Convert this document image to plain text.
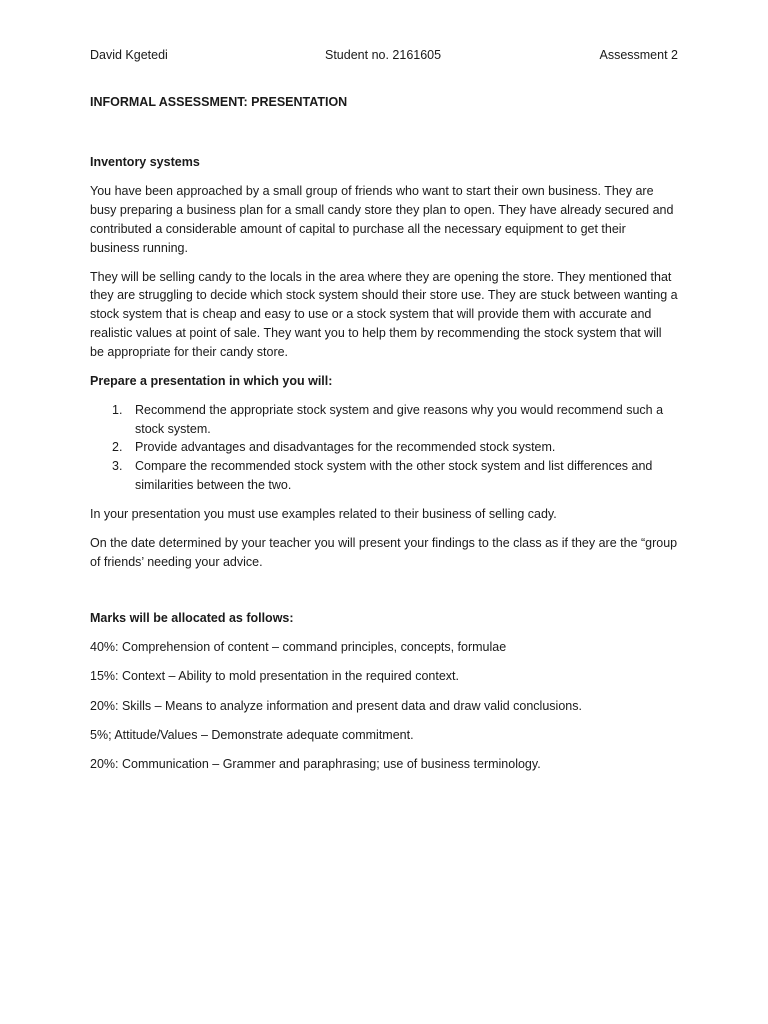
David Kgetedi	Student no. 2161605	Assessment 2
INFORMAL ASSESSMENT: PRESENTATION
Inventory systems

You have been approached by a small group of friends who want to start their own business. They are busy preparing a business plan for a small candy store they plan to open. They have already secured and contributed a considerable amount of capital to purchase all the necessary equipment to get their business running.

They will be selling candy to the locals in the area where they are opening the store. They mentioned that they are struggling to decide which stock system should their store use. They are stuck between wanting a stock system that is cheap and easy to use or a stock system that will provide them with accurate and realistic values at point of sale. They want you to help them by recommending the stock system that will be appropriate for their candy store.

Prepare a presentation in which you will:

1. Recommend the appropriate stock system and give reasons why you would recommend such a stock system.
2. Provide advantages and disadvantages for the recommended stock system.
3. Compare the recommended stock system with the other stock system and list differences and similarities between the two.

In your presentation you must use examples related to their business of selling cady.

On the date determined by your teacher you will present your findings to the class as if they are the “group of friends’ needing your advice.

Marks will be allocated as follows:

40%: Comprehension of content – command principles, concepts, formulae

15%: Context – Ability to mold presentation in the required context.

20%: Skills – Means to analyze information and present data and draw valid conclusions.

5%; Attitude/Values – Demonstrate adequate commitment.

20%: Communication – Grammer and paraphrasing; use of business terminology.
